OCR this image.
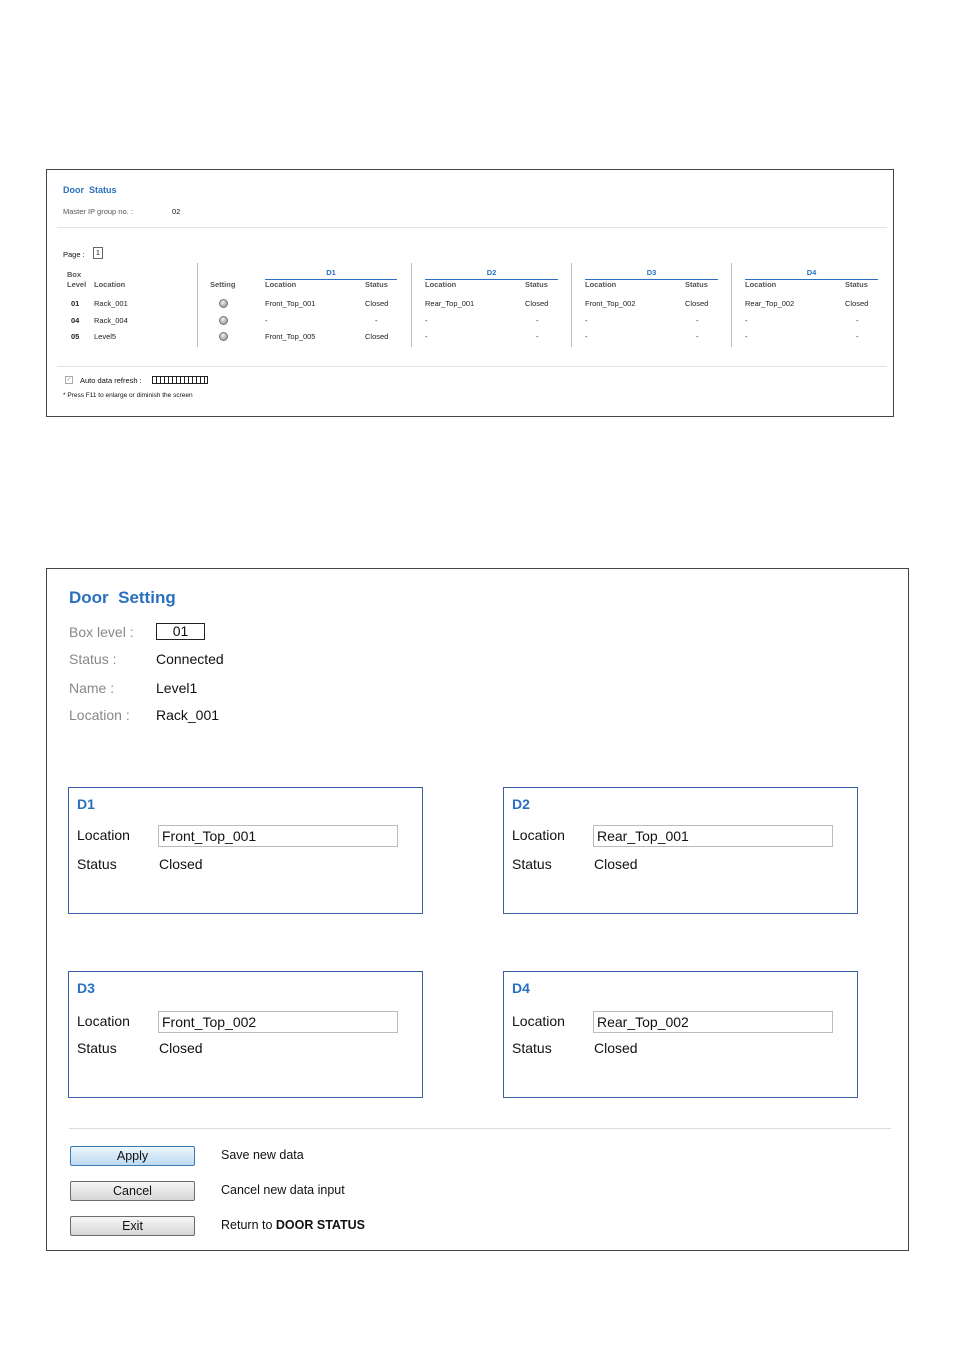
Door Status
Master IP group no. :	02
Page :	1
Box
Level Location	Setting
D1	D2	D3	D4
Location	Status	Location	Status	Location	Status	Location	Status
01 Rack_001	Front_Top_001	Closed	Rear_Top_001	Closed	Front_Top_002	Closed	Rear_Top_002	Closed
04 Rack_004	-	-	-	-	-	-	-	-
05 Level5	Front_Top_005	Closed	-	-	-	-	-	-
✓ Auto data refresh :
* Press F11 to enlarge or diminish the screen
Door  Setting
Box level :	01
Status :	Connected
Name :	Level1
Location : Rack_001
D1
Location
Front_Top_001
Status	Closed
D2
Location
Rear_Top_001
Status	Closed
D3
Location
Front_Top_002
Status	Closed
D4
Location
Rear_Top_002
Status	Closed
Apply	Save new data
Cancel	Cancel new data input
Exit	Return to DOOR STATUS
